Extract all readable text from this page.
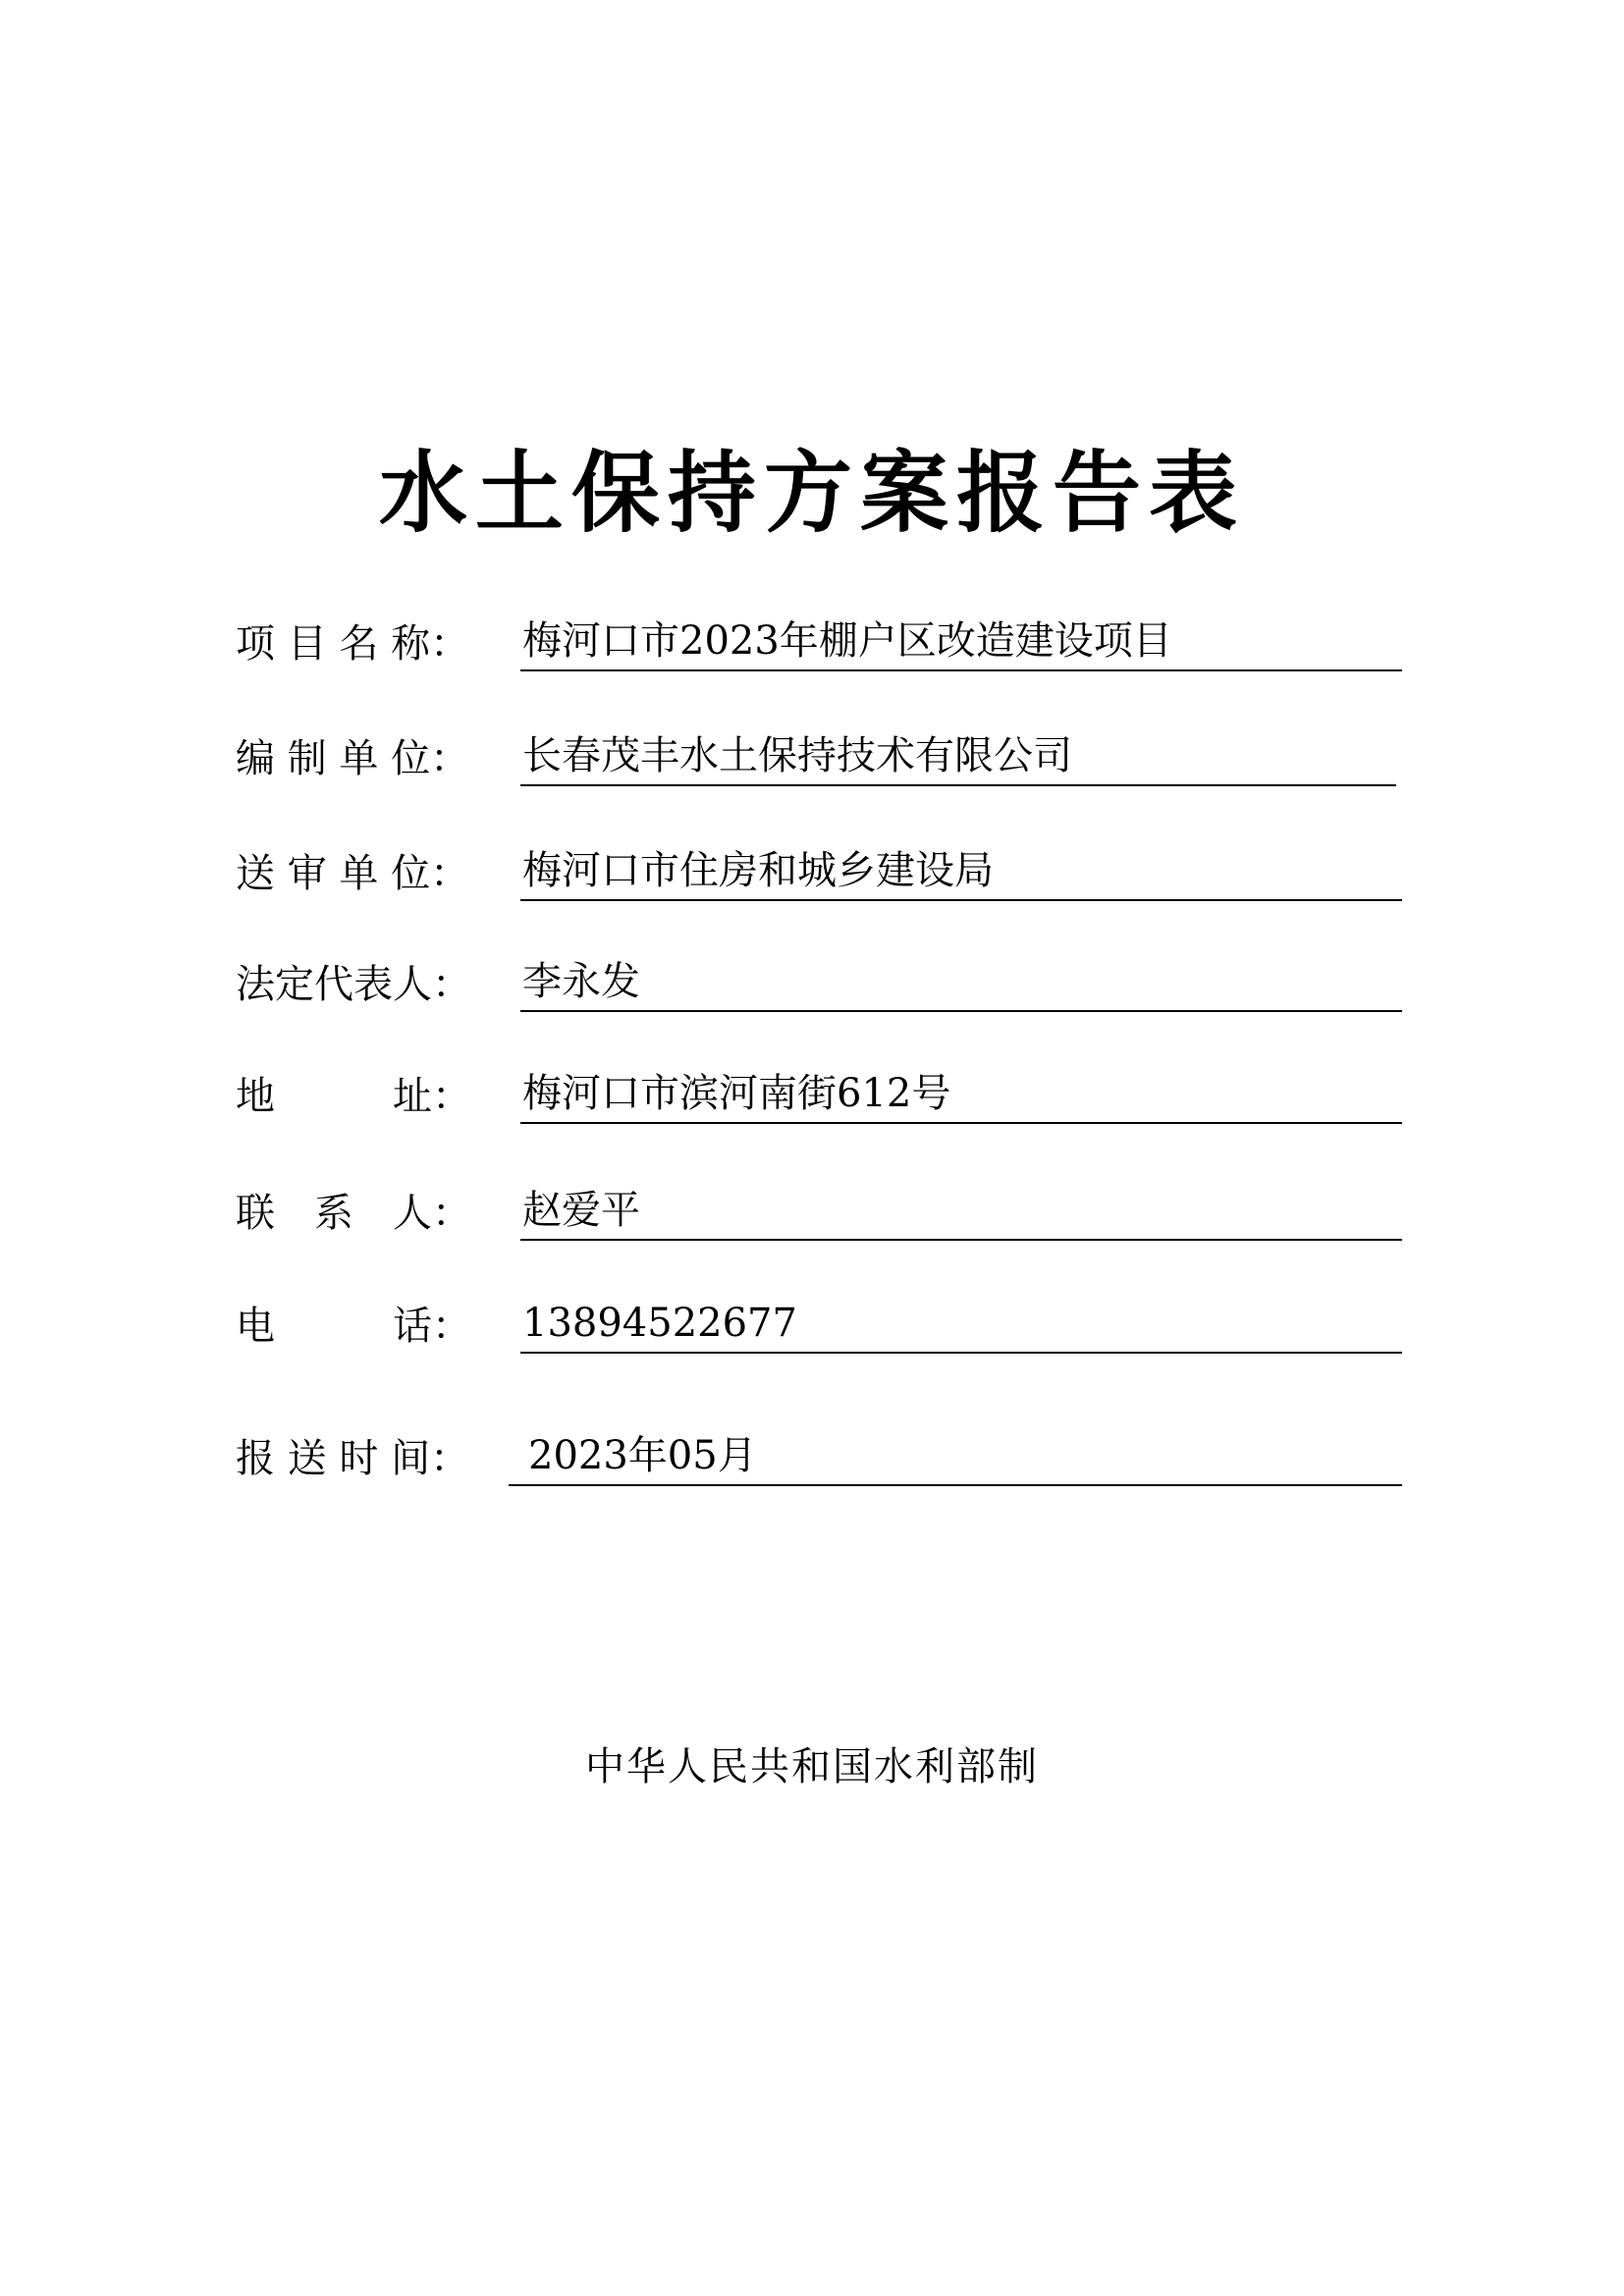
水土保持方案报告表
项 目 名 称：	梅河口市2023年棚户区改造建设项目
编 制 单 位：	长春茂丰水土保持技术有限公司
送 审 单 位：	梅河口市住房和城乡建设局
法定代表人：	李永发
地　　　址：	梅河口市滨河南街612号
联　系　人：	赵爱平
电　　　话：	13894522677
报 送 时 间：	2023年05月
中华人民共和国水利部制
